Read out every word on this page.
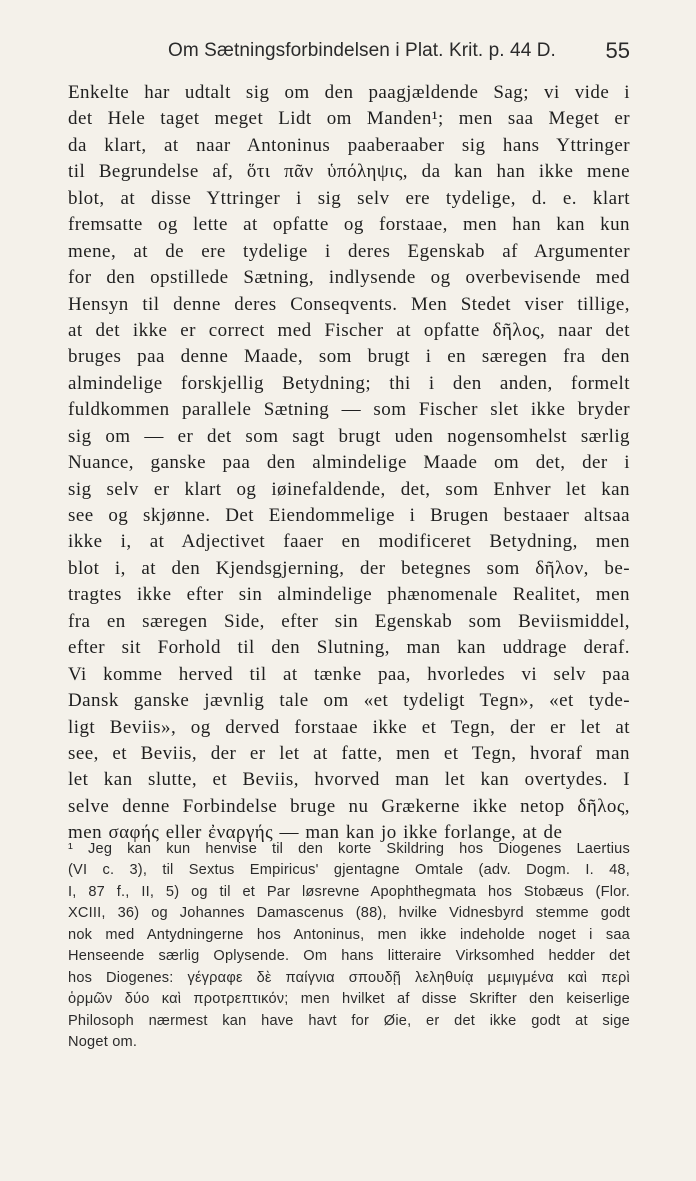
Om Sætningsforbindelsen i Plat. Krit. p. 44 D. 55
Enkelte har udtalt sig om den paagjældende Sag; vi vide i
det Hele taget meget Lidt om Manden¹; men saa Meget er
da klart, at naar Antoninus paaberaaber sig hans Yttringer
til Begrundelse af, ὅτι πᾶν ὑπόληψις, da kan han ikke mene
blot, at disse Yttringer i sig selv ere tydelige, d. e. klart
fremsatte og lette at opfatte og forstaae, men han kan kun
mene, at de ere tydelige i deres Egenskab af Argumenter
for den opstillede Sætning, indlysende og overbevisende med
Hensyn til denne deres Conseqvents. Men Stedet viser tillige,
at det ikke er correct med Fischer at opfatte δῆλος, naar det
bruges paa denne Maade, som brugt i en særegen fra den
almindelige forskjellig Betydning; thi i den anden, formelt
fuldkommen parallele Sætning — som Fischer slet ikke bryder
sig om — er det som sagt brugt uden nogensomhelst særlig
Nuance, ganske paa den almindelige Maade om det, der i
sig selv er klart og iøinefaldende, det, som Enhver let kan
see og skjønne. Det Eiendommelige i Brugen bestaaer altsaa
ikke i, at Adjectivet faaer en modificeret Betydning, men
blot i, at den Kjendsgjerning, der betegnes som δῆλον, be-
tragtes ikke efter sin almindelige phænomenale Realitet, men
fra en særegen Side, efter sin Egenskab som Beviismiddel,
efter sit Forhold til den Slutning, man kan uddrage deraf.
Vi komme herved til at tænke paa, hvorledes vi selv paa
Dansk ganske jævnlig tale om «et tydeligt Tegn», «et tyde-
ligt Beviis», og derved forstaae ikke et Tegn, der er let at
see, et Beviis, der er let at fatte, men et Tegn, hvoraf man
let kan slutte, et Beviis, hvorved man let kan overtydes. I
selve denne Forbindelse bruge nu Grækerne ikke netop δῆλος,
men σαφής eller ἐναργής — man kan jo ikke forlange, at de
¹ Jeg kan kun henvise til den korte Skildring hos Diogenes Laertius
(VI c. 3), til Sextus Empiricus' gjentagne Omtale (adv. Dogm. I. 48,
I, 87 f., II, 5) og til et Par løsrevne Apophthegmata hos Stobæus (Flor.
XCIII, 36) og Johannes Damascenus (88), hvilke Vidnesbyrd stemme godt
nok med Antydningerne hos Antoninus, men ikke indeholde noget i saa
Henseende særlig Oplysende. Om hans litteraire Virksomhed hedder det
hos Diogenes: γέγραφε δὲ παίγνια σπουδῇ λεληθυίᾳ μεμιγμένα καὶ περὶ
ὁρμῶν δύο καὶ προτρεπτικόν; men hvilket af disse Skrifter den keiserlige
Philosoph nærmest kan have havt for Øie, er det ikke godt at sige
Noget om.
